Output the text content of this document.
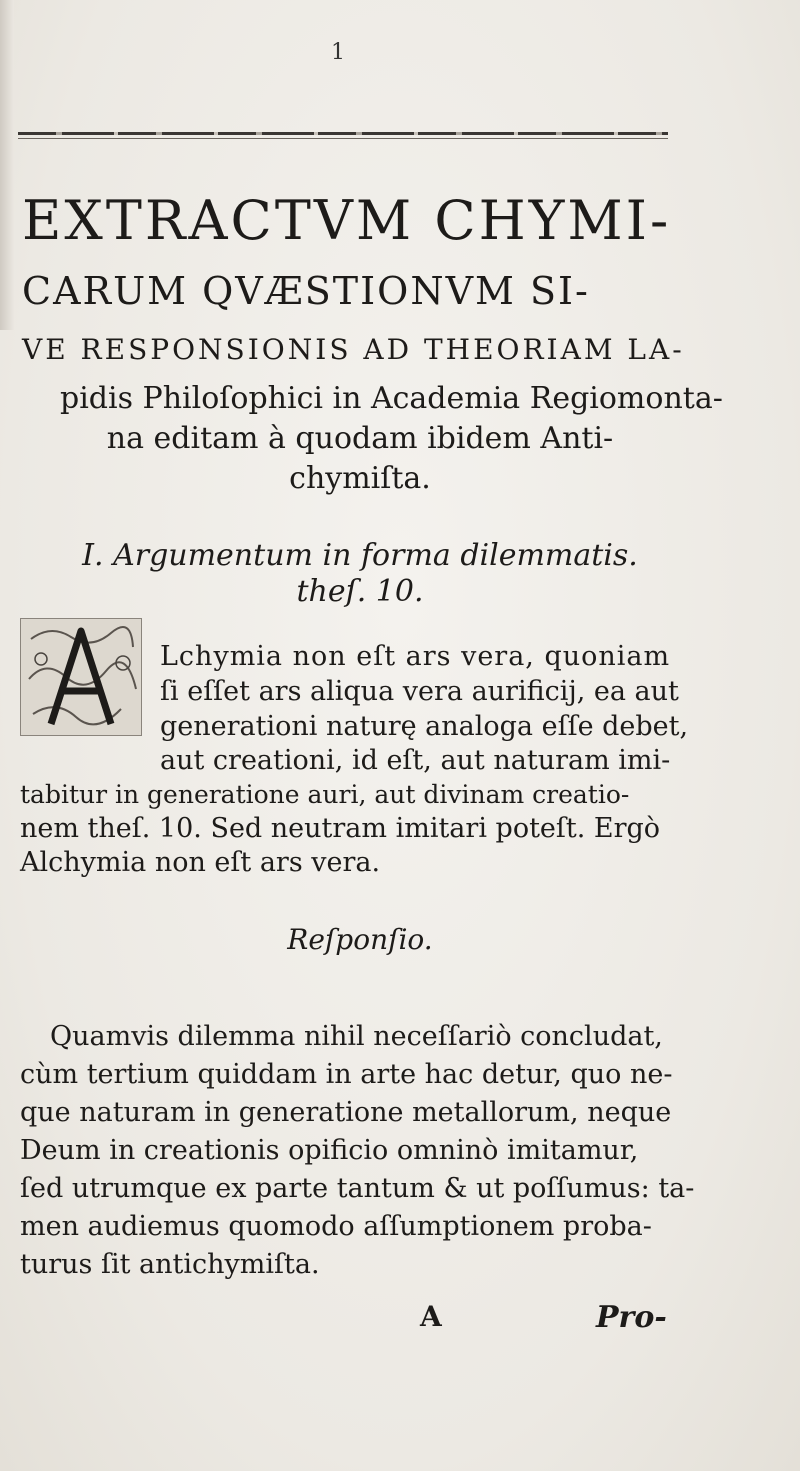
1
EXTRACTVM CHYMI-
CARUM QVÆSTIONVM SI-
VE RESPONSIONIS AD THEORIAM LA-
pidis Philoſophici in Academia Regiomonta-
na editam à quodam ibidem Anti-
chymiſta.
I. Argumentum in forma dilemmatis.
theſ. 10.
Lchymia non eſt ars vera, quoniam
ſi eſſet ars aliqua vera aurificij, ea aut
generationi naturę analoga eſſe debet,
aut creationi, id eſt, aut naturam imi-
tabitur in generatione auri, aut divinam creatio-
nem theſ. 10. Sed neutram imitari poteſt. Ergò
Alchymia non eſt ars vera.
Reſponſio.
Quamvis dilemma nihil neceſſariò concludat,
cùm tertium quiddam in arte hac detur, quo ne-
que naturam in generatione metallorum, neque
Deum in creationis opificio omninò imitamur,
ſed utrumque ex parte tantum & ut poſſumus: ta-
men audiemus quomodo aſſumptionem proba-
turus ſit antichymiſta.
A	Pro-
